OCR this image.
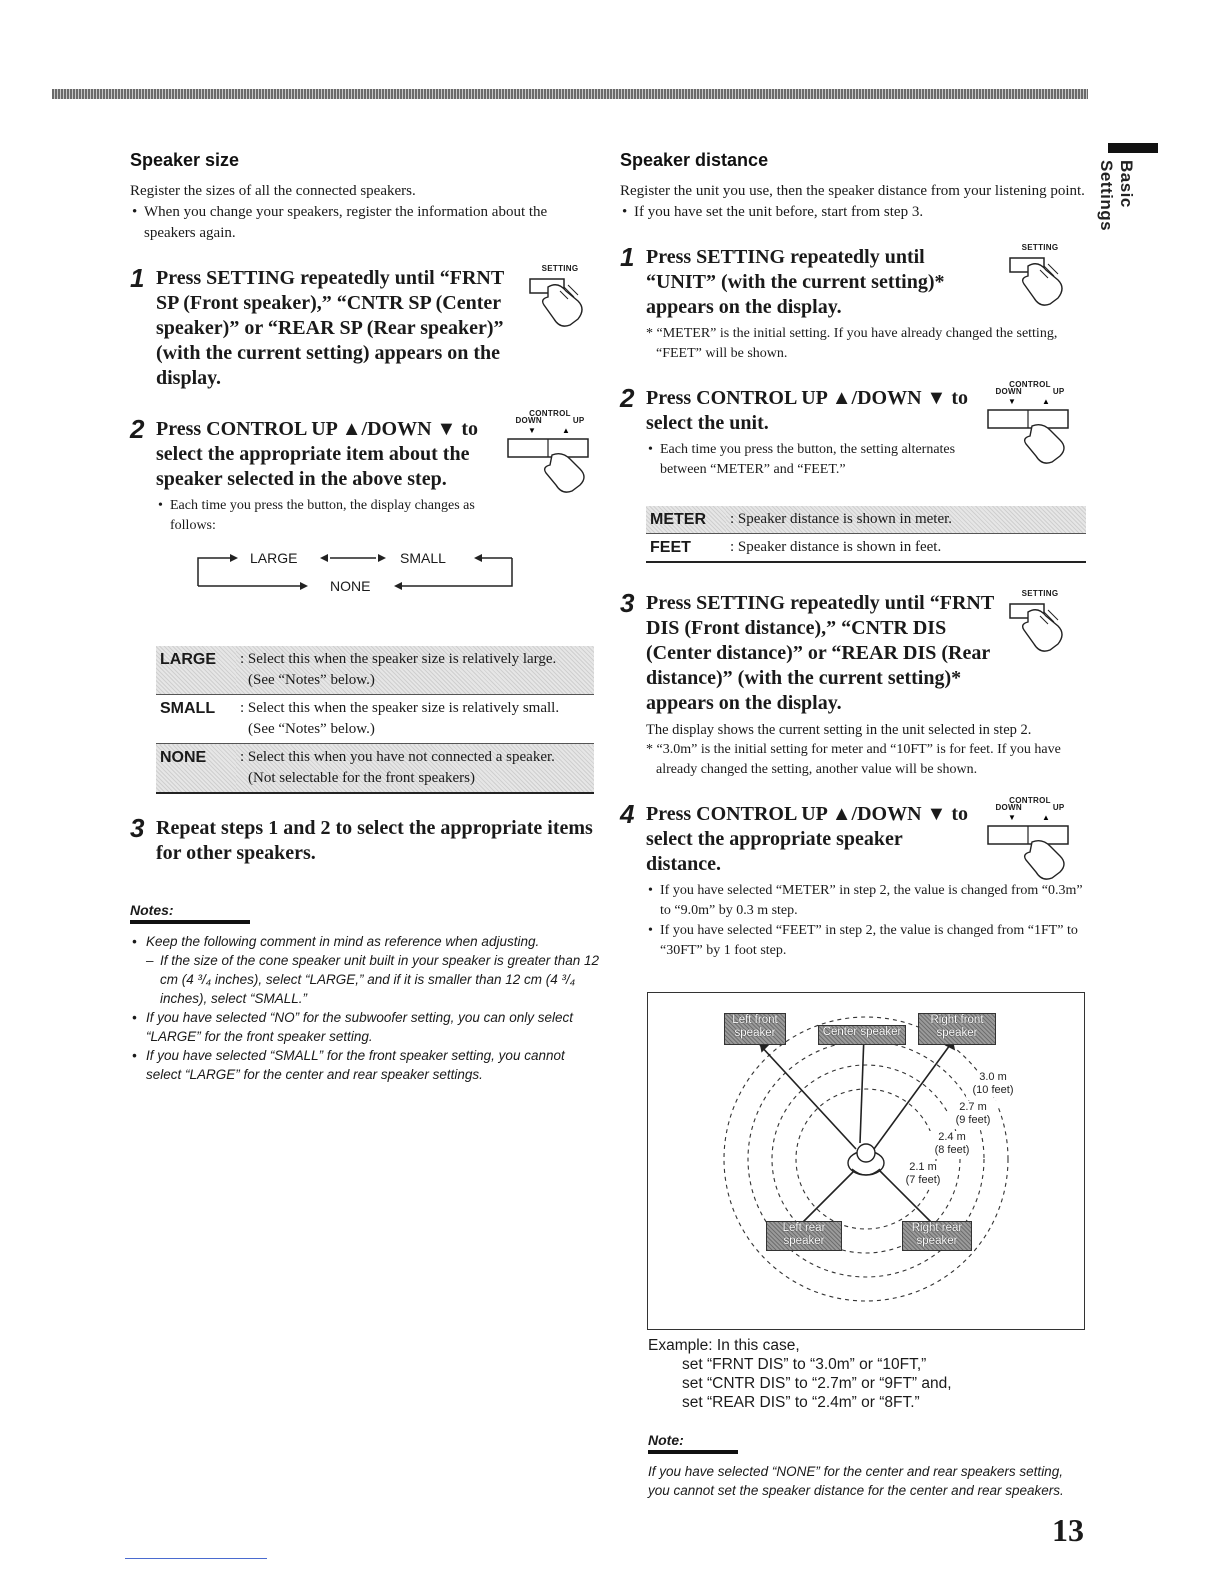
Basic Settings
Speaker size

Register the sizes of all the connected speakers.

• When you change your speakers, register the information about the speakers again.

1 Press SETTING repeatedly until “FRNT SP (Front speaker),” “CNTR SP (Center speaker)” or “REAR SP (Rear speaker)” (with the current setting) appears on the display.

SETTING
2 Press CONTROL UP ▲/DOWN ▼ to select the appropriate item about the speaker selected in the above step.

• Each time you press the button, the display changes as follows:

CONTROL
DOWN	UP
▼	▲
LARGE	SMALL
NONE
LARGE	: Select this when the speaker size is relatively large.
(See “Notes” below.)

SMALL	: Select this when the speaker size is relatively small.
(See “Notes” below.)

NONE	: Select this when you have not connected a speaker.
(Not selectable for the front speakers)
3 Repeat steps 1 and 2 to select the appropriate items for other speakers.

Notes:

• Keep the following comment in mind as reference when adjusting.

– If the size of the cone speaker unit built in your speaker is greater than 12 cm (4 ³/₄ inches), select “LARGE,” and if it is smaller than 12 cm (4 ³/₄ inches), select “SMALL.”

• If you have selected “NO” for the subwoofer setting, you can only select “LARGE” for the front speaker setting.

• If you have selected “SMALL” for the front speaker setting, you cannot select “LARGE” for the center and rear speaker settings.

Speaker distance

Register the unit you use, then the speaker distance from your listening point.

• If you have set the unit before, start from step 3.

1 Press SETTING repeatedly until “UNIT” (with the current setting)* appears on the display.

* “METER” is the initial setting. If you have already changed the setting, “FEET” will be shown.

SETTING
2 Press CONTROL UP ▲/DOWN ▼ to select the unit.

• Each time you press the button, the setting alternates between “METER” and “FEET.”

CONTROL
DOWN	UP
▼	▲
METER	: Speaker distance is shown in meter.
FEET	: Speaker distance is shown in feet.
3 Press SETTING repeatedly until “FRNT DIS (Front distance),” “CNTR DIS (Center distance)” or “REAR DIS (Rear distance)” (with the current setting)* appears on the display.

The display shows the current setting in the unit selected in step 2.

* “3.0m” is the initial setting for meter and “10FT” is for feet. If you have already changed the setting, another value will be shown.

SETTING
4 Press CONTROL UP ▲/DOWN ▼ to select the appropriate speaker distance.

• If you have selected “METER” in step 2, the value is changed from “0.3m” to “9.0m” by 0.3 m step.

• If you have selected “FEET” in step 2, the value is changed from “1FT” to “30FT” by 1 foot step.

CONTROL
DOWN	UP
▼	▲
Left front speaker	Center speaker
Right front speaker
Left rear speaker
Right rear speaker
3.0 m
(10 feet)
2.7 m
(9 feet)
2.4 m
(8 feet)
2.1 m
(7 feet)
Example: In this case,
set “FRNT DIS” to “3.0m” or “10FT,”
set “CNTR DIS” to “2.7m” or “9FT” and,
set “REAR DIS” to “2.4m” or “8FT.”
Note:

If you have selected “NONE” for the center and rear speakers setting, you cannot set the speaker distance for the center and rear speakers.

13
